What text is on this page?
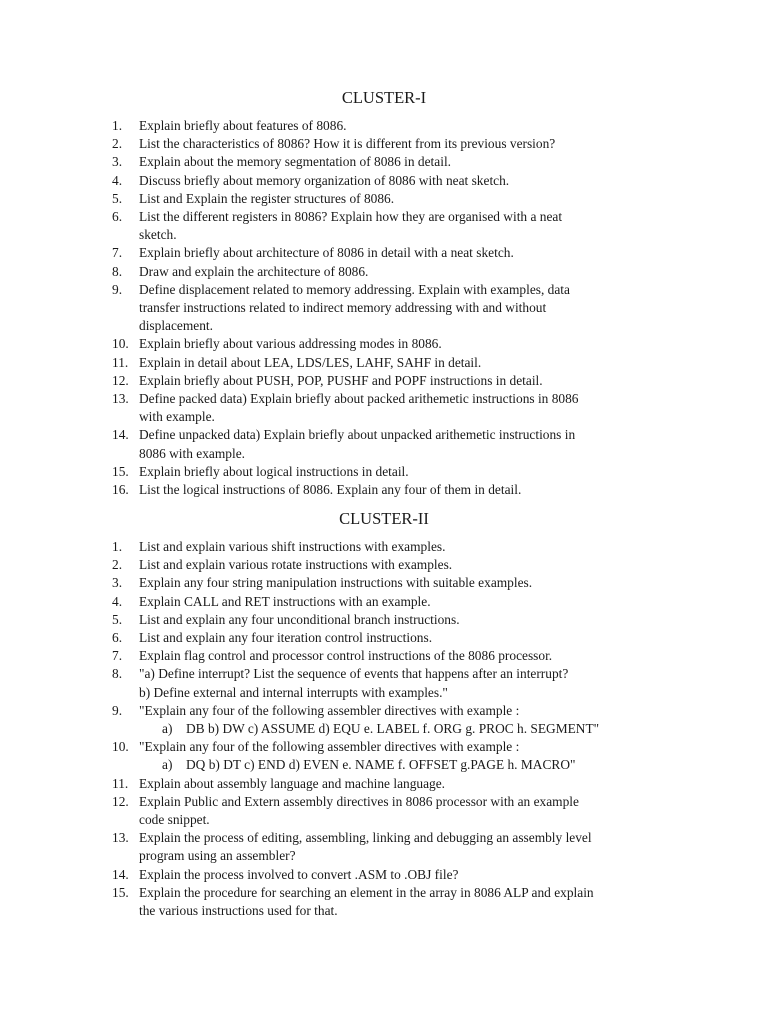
CLUSTER-I
1.	Explain briefly about features of 8086.
2.	List the characteristics of 8086? How it is different from its previous version?
3.	Explain about the memory segmentation of 8086 in detail.
4.	Discuss briefly about memory organization of 8086 with neat sketch.
5.	List and Explain the register structures of 8086.
6.	List the different registers in 8086? Explain how they are organised with a neat
sketch.
7.	Explain briefly about architecture of 8086 in detail with a neat sketch.
8.	Draw and explain the architecture of 8086.
9.	Define displacement related to memory addressing. Explain with examples, data
transfer instructions related to indirect memory addressing with and without
displacement.
10. Explain briefly about various addressing modes in 8086.
11. Explain in detail about LEA, LDS/LES, LAHF, SAHF in detail.
12. Explain briefly about PUSH, POP, PUSHF and POPF instructions in detail.
13. Define packed data) Explain briefly about packed arithemetic instructions in 8086
with example.
14. Define unpacked data) Explain briefly about unpacked arithemetic instructions in
8086 with example.
15. Explain briefly about logical instructions in detail.
16. List the logical instructions of 8086. Explain any four of them in detail.
CLUSTER-II
1.	List and explain various shift instructions with examples.
2.	List and explain various rotate instructions with examples.
3.	Explain any four string manipulation instructions with suitable examples.
4.	Explain CALL and RET instructions with an example.
5.	List and explain any four unconditional branch instructions.
6.	List and explain any four iteration control instructions.
7.	Explain flag control and processor control instructions of the 8086 processor.
8.	"a) Define interrupt? List the sequence of events that happens after an interrupt?
b) Define external and internal interrupts with examples."
9.	"Explain any four of the following assembler directives with example :
a) DB b) DW c) ASSUME d) EQU e. LABEL f. ORG g. PROC h. SEGMENT"
10. "Explain any four of the following assembler directives with example :
a) DQ b) DT c) END d) EVEN e. NAME f. OFFSET g.PAGE h. MACRO"
11. Explain about assembly language and machine language.
12. Explain Public and Extern assembly directives in 8086 processor with an example
code snippet.
13. Explain the process of editing, assembling, linking and debugging an assembly level
program using an assembler?
14. Explain the process involved to convert .ASM to .OBJ file?
15. Explain the procedure for searching an element in the array in 8086 ALP and explain
the various instructions used for that.
